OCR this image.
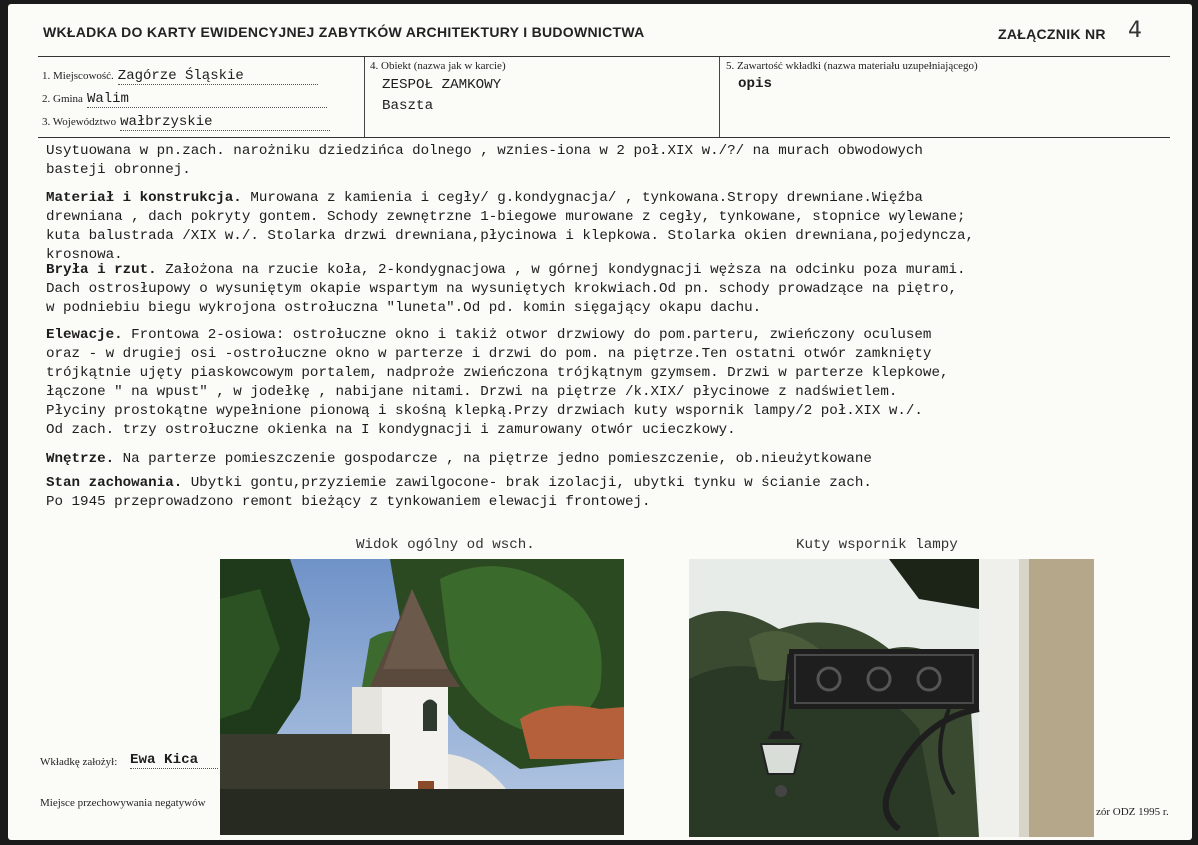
WKŁADKA DO KARTY EWIDENCYJNEJ ZABYTKÓW ARCHITEKTURY I BUDOWNICTWA	ZAŁĄCZNIK NR 4
1. Miejscowość. Zagórze Śląskie
2. Gmina Walim
3. Województwo wałbrzyskie
4. Obiekt (nazwa jak w karcie)
ZESPOŁ ZAMKOWY
Baszta
5. Zawartość wkładki (nazwa materiału uzupełniającego)
opis
Usytuowana w pn.zach. narożniku dziedzińca dolnego , wznies-iona w 2 poł.XIX w./?/ na murach obwodowych
basteji obronnej.
Materiał i konstrukcja. Murowana z kamienia i cegły/ g.kondygnacja/ , tynkowana.Stropy drewniane.Więźba
drewniana , dach pokryty gontem. Schody zewnętrzne 1-biegowe murowane z cegły, tynkowane, stopnice wylewane;
kuta balustrada /XIX w./. Stolarka drzwi drewniana,płycinowa i klepkowa. Stolarka okien drewniana,pojedyncza,
krosnowa.
Bryła i rzut. Założona na rzucie koła, 2-kondygnacjowa , w górnej kondygnacji węższa na odcinku poza murami.
Dach ostrosłupowy o wysuniętym okapie wspartym na wysuniętych krokwiach.Od pn. schody prowadzące na piętro,
w podniebiu biegu wykrojona ostrołuczna "luneta".Od pd. komin sięgający okapu dachu.
Elewacje. Frontowa 2-osiowa: ostrołuczne okno i takiż otwor drzwiowy do pom.parteru, zwieńczony oculusem
oraz - w drugiej osi -ostrołuczne okno w parterze i drzwi do pom. na piętrze.Ten ostatni otwór zamknięty
trójkątnie ujęty piaskowcowym portalem, nadproże zwieńczona trójkątnym gzymsem. Drzwi w parterze klepkowe,
łączone " na wpust" , w jodełkę , nabijane nitami. Drzwi na piętrze /k.XIX/ płycinowe z nadświetlem.
Płyciny prostokątne wypełnione pionową i skośną klepką.Przy drzwiach kuty wspornik lampy/2 poł.XIX w./.
Od zach. trzy ostrołuczne okienka na I kondygnacji i zamurowany otwór ucieczkowy.
Wnętrze. Na parterze pomieszczenie gospodarcze , na piętrze jedno pomieszczenie, ob.nieużytkowane
Stan zachowania. Ubytki gontu,przyziemie zawilgocone- brak izolacji, ubytki tynku w ścianie zach.
Po 1945 przeprowadzono remont bieżący z tynkowaniem elewacji frontowej.
Widok ogólny od wsch.	Kuty wspornik lampy
Wkładkę założył: Ewa Kica
Miejsce przechowywania negatywów
zór ODZ 1995 r.
